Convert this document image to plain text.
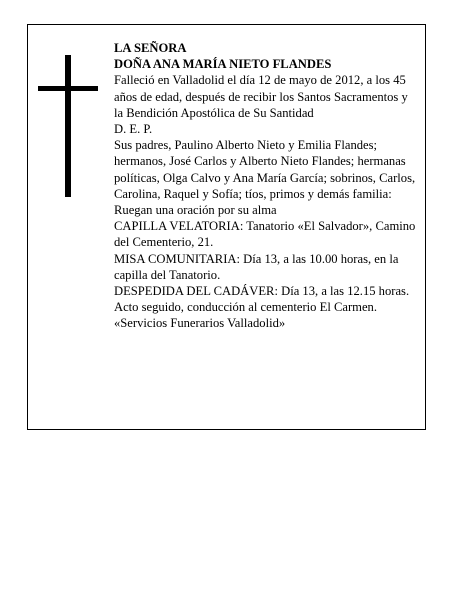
LA SEÑORA

DOÑA ANA MARÍA NIETO FLANDES

Falleció en Valladolid el día 12 de mayo de 2012, a los 45 años de edad, después de recibir los Santos Sacramentos y la Bendición Apostólica de Su Santidad

D. E. P.

Sus padres, Paulino Alberto Nieto y Emilia Flandes; hermanos, José Carlos y Alberto Nieto Flandes; hermanas políticas, Olga Calvo y Ana María García; sobrinos, Carlos, Carolina, Raquel y Sofía; tíos, primos y demás familia:

Ruegan una oración por su alma

CAPILLA VELATORIA: Tanatorio «El Salvador», Camino del Cementerio, 21.

MISA COMUNITARIA: Día 13, a las 10.00 horas, en la capilla del Tanatorio.

DESPEDIDA DEL CADÁVER: Día 13, a las 12.15 horas. Acto seguido, conducción al cementerio El Carmen.

«Servicios Funerarios Valladolid»
